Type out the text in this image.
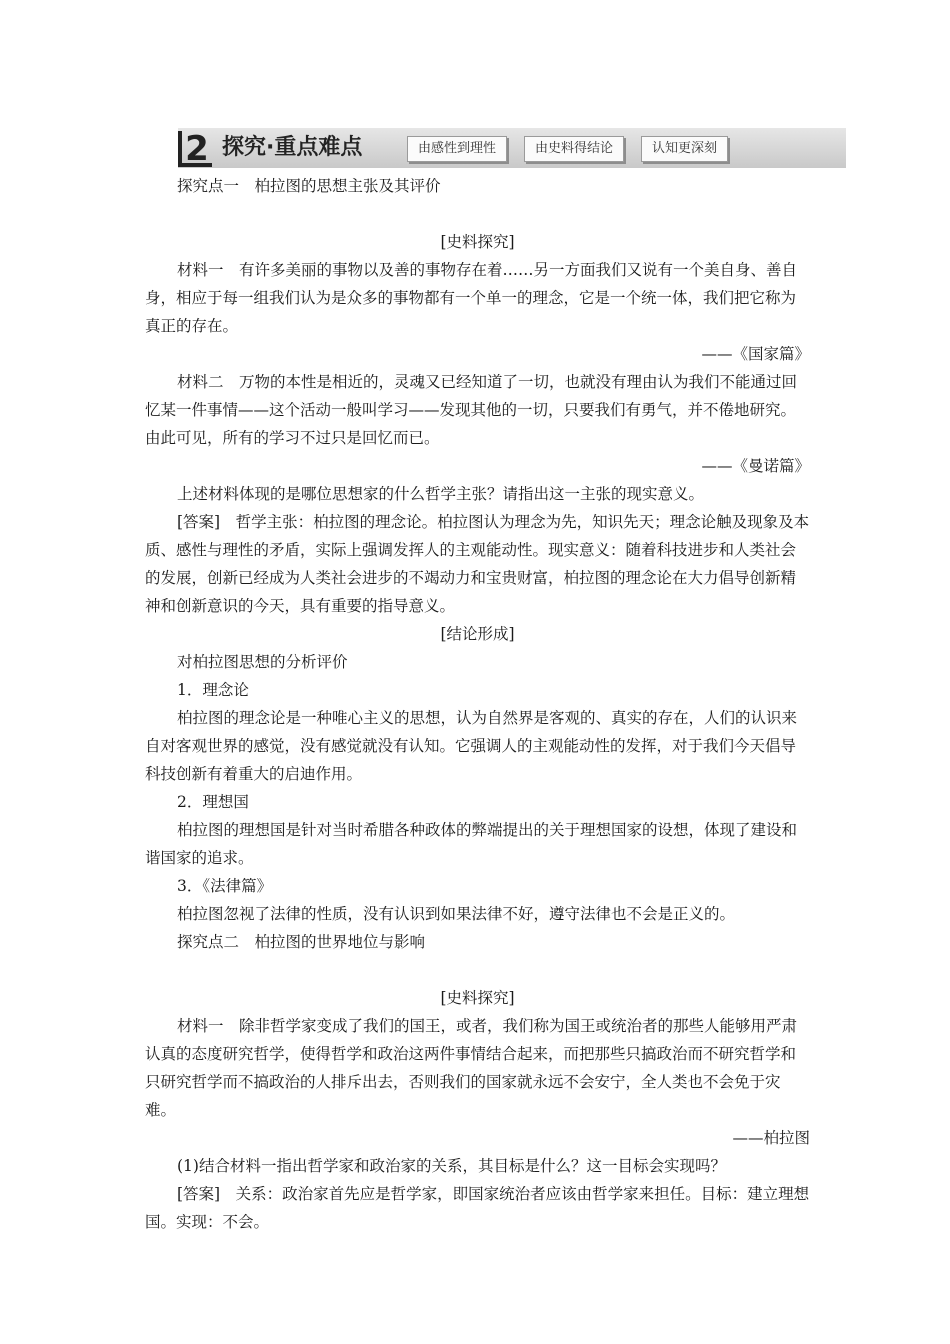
2 探究·重点难点	由感性到理性	由史料得结论	认知更深刻

探究点一　柏拉图的思想主张及其评价

[史料探究]

材料一　有许多美丽的事物以及善的事物存在着……另一方面我们又说有一个美自身、善自身，相应于每一组我们认为是众多的事物都有一个单一的理念，它是一个统一体，我们把它称为真正的存在。

——《国家篇》

材料二　万物的本性是相近的，灵魂又已经知道了一切，也就没有理由认为我们不能通过回忆某一件事情——这个活动一般叫学习——发现其他的一切，只要我们有勇气，并不倦地研究。由此可见，所有的学习不过只是回忆而已。

——《曼诺篇》

上述材料体现的是哪位思想家的什么哲学主张？请指出这一主张的现实意义。

[答案]　哲学主张：柏拉图的理念论。柏拉图认为理念为先，知识先天；理念论触及现象及本质、感性与理性的矛盾，实际上强调发挥人的主观能动性。现实意义：随着科技进步和人类社会的发展，创新已经成为人类社会进步的不竭动力和宝贵财富，柏拉图的理念论在大力倡导创新精神和创新意识的今天，具有重要的指导意义。

[结论形成]

对柏拉图思想的分析评价

1．理念论

柏拉图的理念论是一种唯心主义的思想，认为自然界是客观的、真实的存在，人们的认识来自对客观世界的感觉，没有感觉就没有认知。它强调人的主观能动性的发挥，对于我们今天倡导科技创新有着重大的启迪作用。

2．理想国

柏拉图的理想国是针对当时希腊各种政体的弊端提出的关于理想国家的设想，体现了建设和谐国家的追求。

3．《法律篇》

柏拉图忽视了法律的性质，没有认识到如果法律不好，遵守法律也不会是正义的。

探究点二　柏拉图的世界地位与影响

[史料探究]

材料一　除非哲学家变成了我们的国王，或者，我们称为国王或统治者的那些人能够用严肃认真的态度研究哲学，使得哲学和政治这两件事情结合起来，而把那些只搞政治而不研究哲学和只研究哲学而不搞政治的人排斥出去，否则我们的国家就永远不会安宁，全人类也不会免于灾难。

——柏拉图

(1)结合材料一指出哲学家和政治家的关系，其目标是什么？这一目标会实现吗？

[答案]　关系：政治家首先应是哲学家，即国家统治者应该由哲学家来担任。目标：建立理想国。实现：不会。
